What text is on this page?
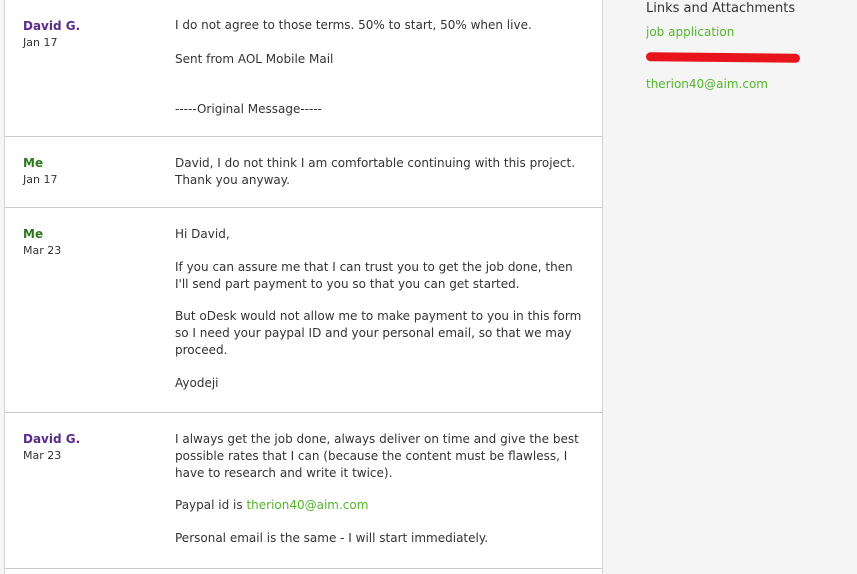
David G.
Jan 17

I do not agree to those terms. 50% to start, 50% when live.

Sent from AOL Mobile Mail

-----Original Message-----

Me
Jan 17

David, I do not think I am comfortable continuing with this project. Thank you anyway.

Me
Mar 23

Hi David,

If you can assure me that I can trust you to get the job done, then I'll send part payment to you so that you can get started.

But oDesk would not allow me to make payment to you in this form so I need your paypal ID and your personal email, so that we may proceed.

Ayodeji

David G.
Mar 23

I always get the job done, always deliver on time and give the best possible rates that I can (because the content must be flawless, I have to research and write it twice).

Paypal id is therion40@aim.com

Personal email is the same - I will start immediately.

Links and Attachments
job application
therion40@aim.com
